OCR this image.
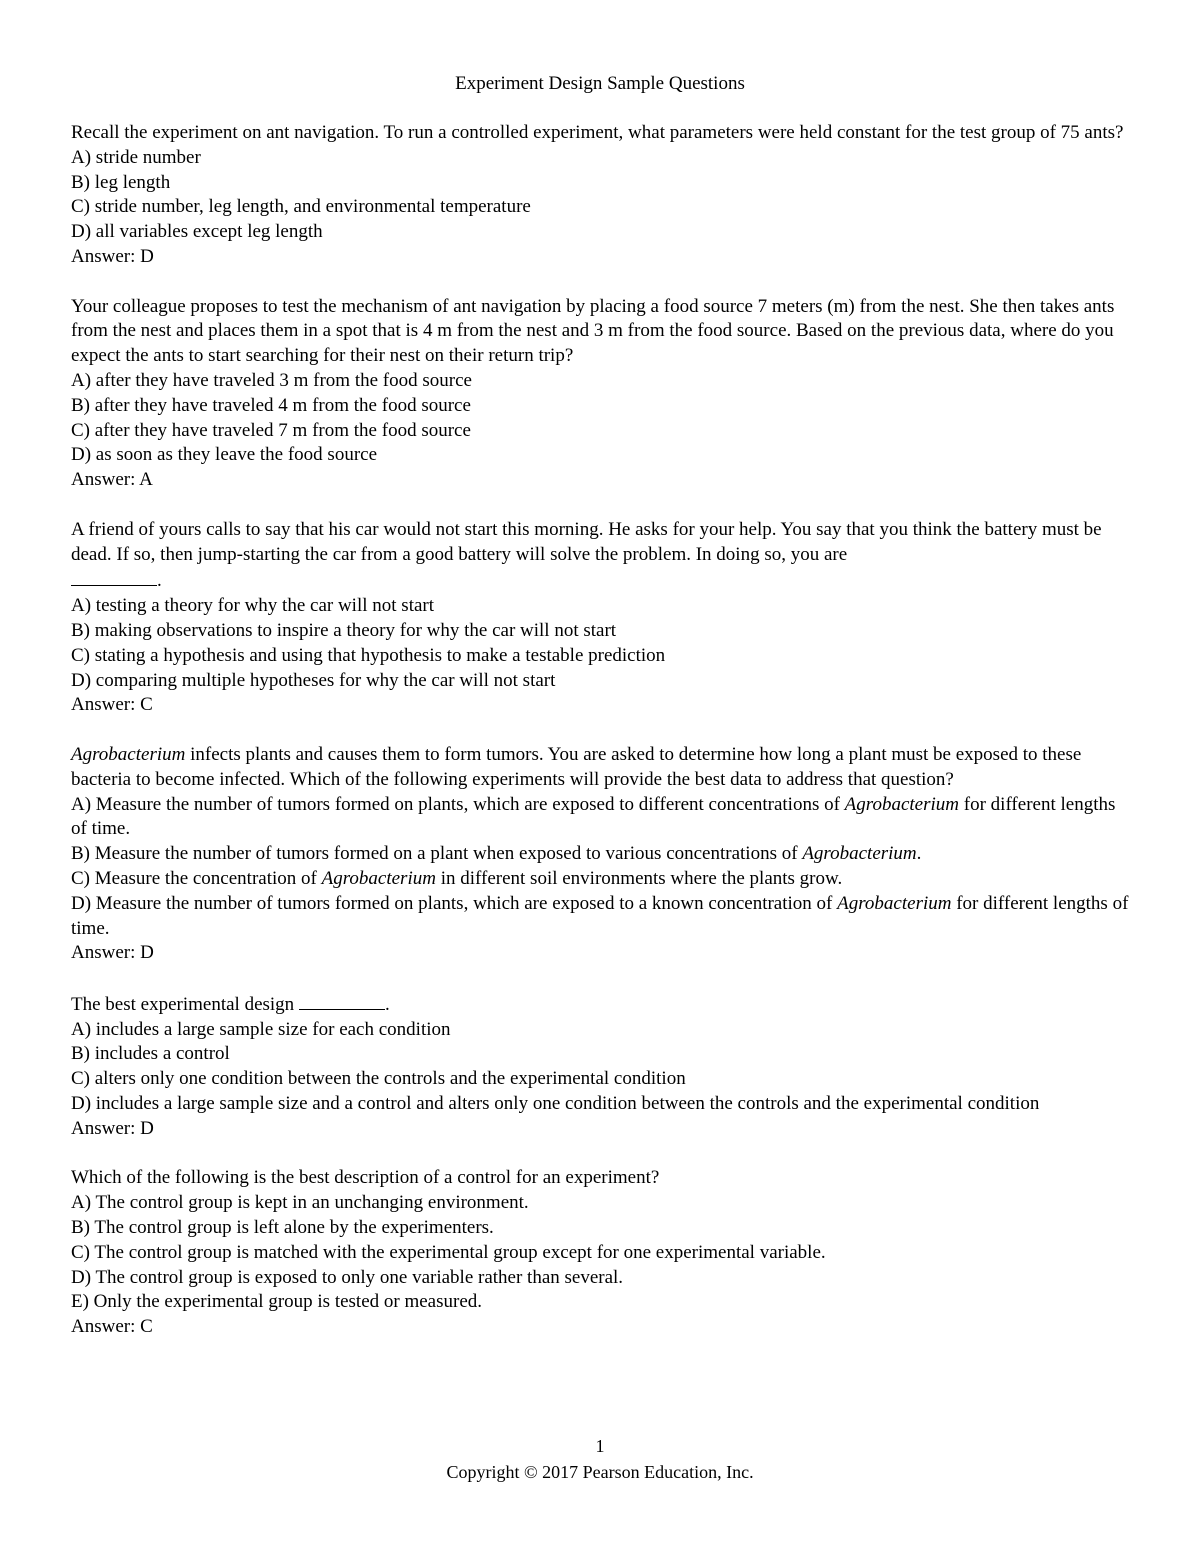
Experiment Design Sample Questions

Recall the experiment on ant navigation. To run a controlled experiment, what parameters were held constant for the test group of 75 ants?

A) stride number

B) leg length

C) stride number, leg length, and environmental temperature

D) all variables except leg length

Answer: D

Your colleague proposes to test the mechanism of ant navigation by placing a food source 7 meters (m) from the nest. She then takes ants from the nest and places them in a spot that is 4 m from the nest and 3 m from the food source. Based on the previous data, where do you expect the ants to start searching for their nest on their return trip?

A) after they have traveled 3 m from the food source

B) after they have traveled 4 m from the food source

C) after they have traveled 7 m from the food source

D) as soon as they leave the food source

Answer: A

A friend of yours calls to say that his car would not start this morning. He asks for your help. You say that you think the battery must be dead. If so, then jump-starting the car from a good battery will solve the problem. In doing so, you are
.

A) testing a theory for why the car will not start

B) making observations to inspire a theory for why the car will not start

C) stating a hypothesis and using that hypothesis to make a testable prediction

D) comparing multiple hypotheses for why the car will not start

Answer: C

Agrobacterium infects plants and causes them to form tumors. You are asked to determine how long a plant must be exposed to these bacteria to become infected. Which of the following experiments will provide the best data to address that question?

A) Measure the number of tumors formed on plants, which are exposed to different concentrations of Agrobacterium for different lengths of time.

B) Measure the number of tumors formed on a plant when exposed to various concentrations of Agrobacterium.

C) Measure the concentration of Agrobacterium in different soil environments where the plants grow.

D) Measure the number of tumors formed on plants, which are exposed to a known concentration of Agrobacterium for different lengths of time.

Answer: D

The best experimental design	.

A) includes a large sample size for each condition

B) includes a control

C) alters only one condition between the controls and the experimental condition

D) includes a large sample size and a control and alters only one condition between the controls and the experimental condition

Answer: D

Which of the following is the best description of a control for an experiment?

A) The control group is kept in an unchanging environment.

B) The control group is left alone by the experimenters.

C) The control group is matched with the experimental group except for one experimental variable.

D) The control group is exposed to only one variable rather than several.

E) Only the experimental group is tested or measured.

Answer: C

1
Copyright © 2017 Pearson Education, Inc.
